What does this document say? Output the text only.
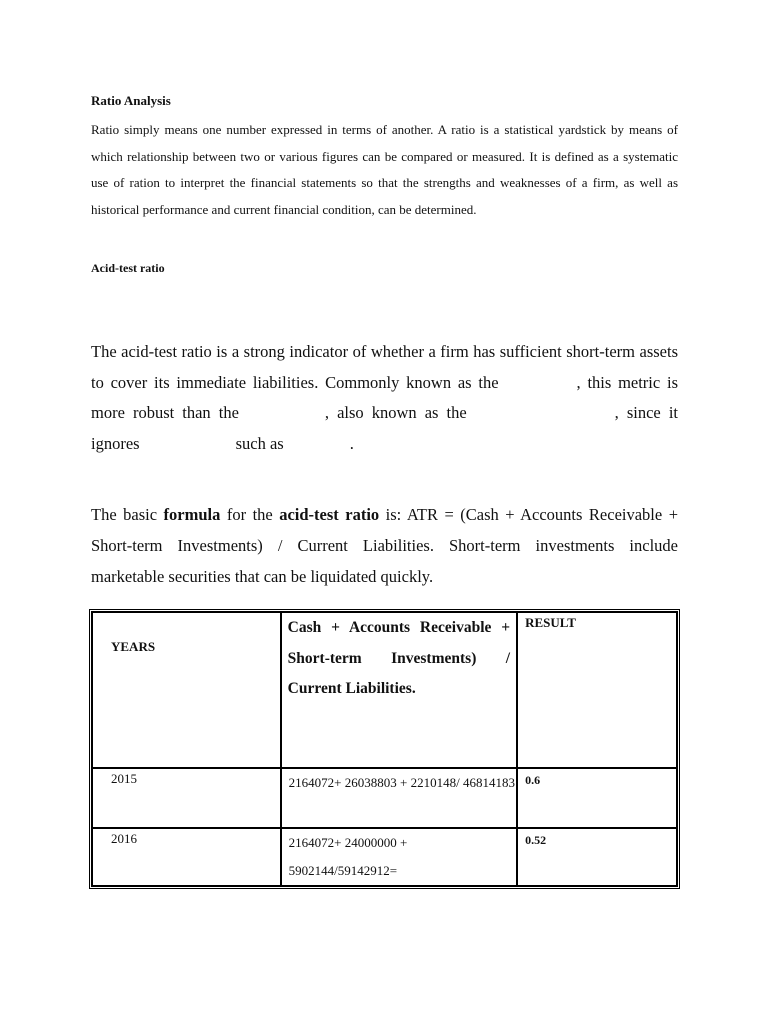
Ratio Analysis
Ratio simply means one number expressed in terms of another. A ratio is a statistical yardstick by means of which relationship between two or various figures can be compared or measured. It is defined as a systematic use of ration to interpret the financial statements so that the strengths and weaknesses of a firm, as well as historical performance and current financial condition, can be determined.
Acid-test ratio
The acid-test ratio is a strong indicator of whether a firm has sufficient short-term assets to cover its immediate liabilities. Commonly known as the	, this metric is more robust than the	, also known as the	, since it ignores	such as	.
The basic formula for the acid-test ratio is: ATR = (Cash + Accounts Receivable + Short-term Investments) / Current Liabilities. Short-term investments include marketable securities that can be liquidated quickly.
YEARS	Cash + Accounts Receivable + Short-term Investments) / Current Liabilities.	RESULT
2015	2164072+ 26038803 + 2210148/ 46814183	0.6
2016	2164072+ 24000000 + 5902144/59142912=	0.52
